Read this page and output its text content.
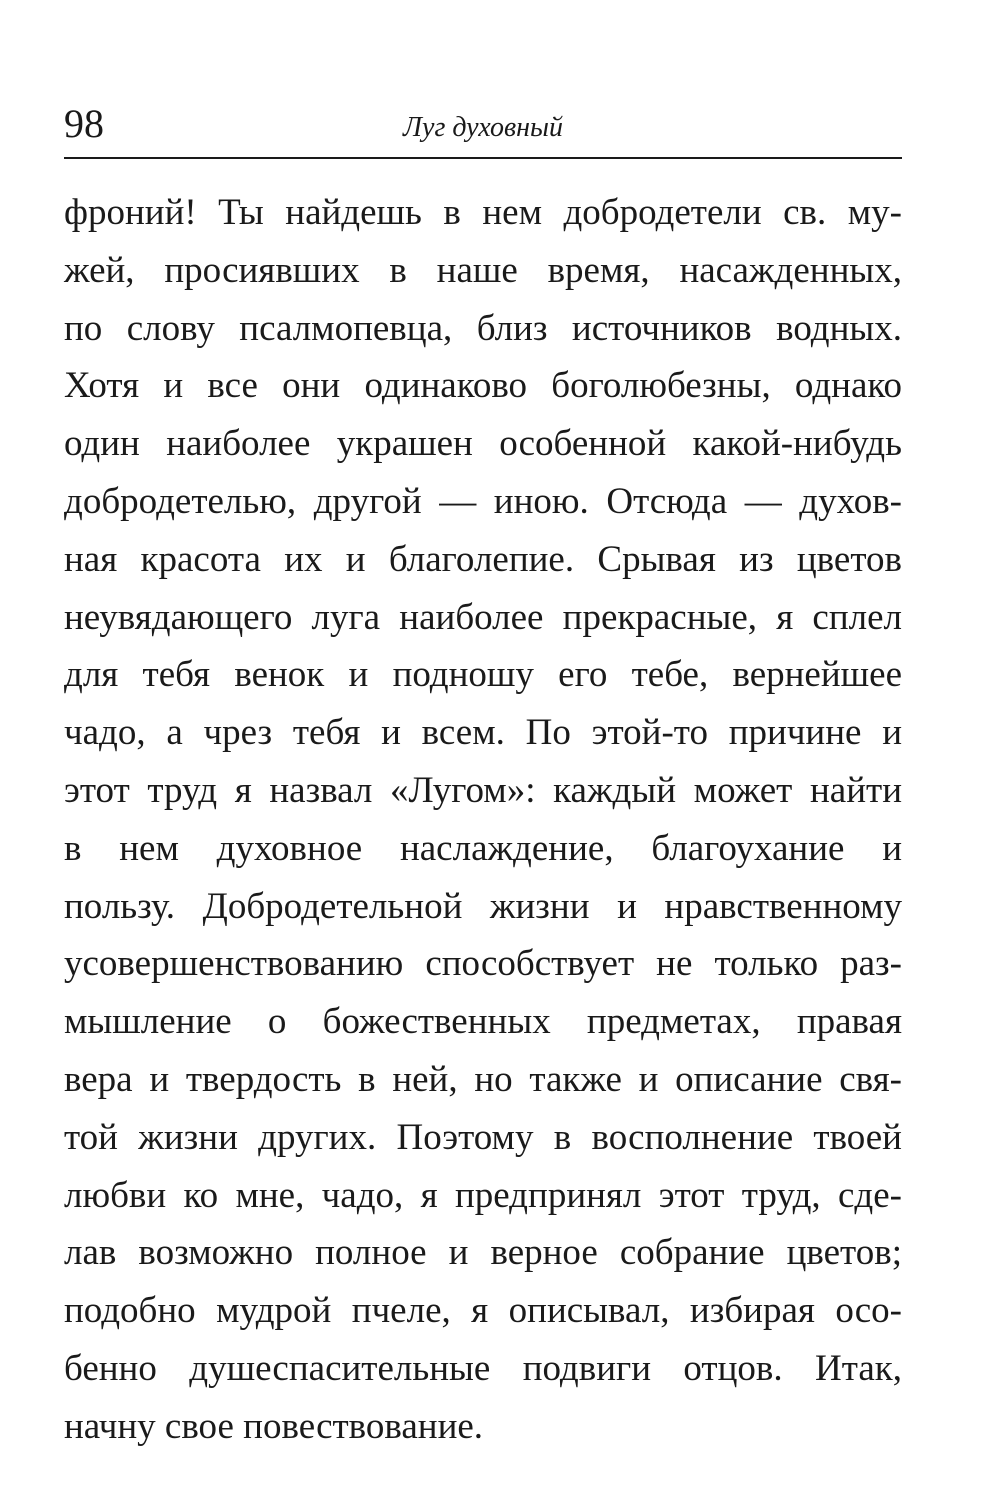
98	Луг духовный
фроний! Ты найдешь в нем добродетели св. му-
жей, просиявших в наше время, насажденных,
по слову псалмопевца, близ источников водных.
Хотя и все они одинаково боголюбезны, однако
один наиболее украшен особенной какой-нибудь
добродетелью, другой — иною. Отсюда — духов-
ная красота их и благолепие. Срывая из цветов
неувядающего луга наиболее прекрасные, я сплел
для тебя венок и подношу его тебе, вернейшее
чадо, а чрез тебя и всем. По этой-то причине и
этот труд я назвал «Лугом»: каждый может найти
в нем духовное наслаждение, благоухание и
пользу. Добродетельной жизни и нравственному
усовершенствованию способствует не только раз-
мышление о божественных предметах, правая
вера и твердость в ней, но также и описание свя-
той жизни других. Поэтому в восполнение твоей
любви ко мне, чадо, я предпринял этот труд, сде-
лав возможно полное и верное собрание цветов;
подобно мудрой пчеле, я описывал, избирая осо-
бенно душеспасительные подвиги отцов. Итак,
начну свое повествование.
